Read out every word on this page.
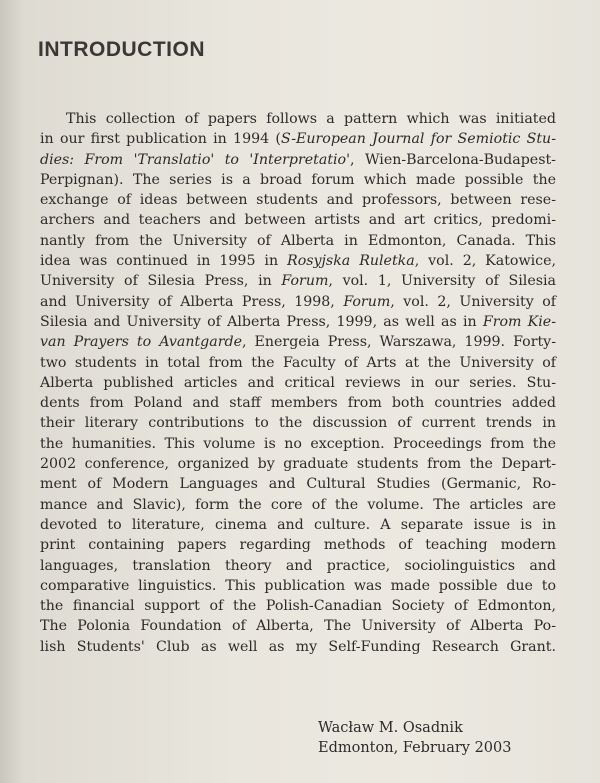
INTRODUCTION
This collection of papers follows a pattern which was initiated
in our first publication in 1994 (S-European Journal for Semiotic Stu-
dies: From 'Translatio' to 'Interpretatio', Wien-Barcelona-Budapest-
Perpignan). The series is a broad forum which made possible the
exchange of ideas between students and professors, between rese-
archers and teachers and between artists and art critics, predomi-
nantly from the University of Alberta in Edmonton, Canada. This
idea was continued in 1995 in Rosyjska Ruletka, vol. 2, Katowice,
University of Silesia Press, in Forum, vol. 1, University of Silesia
and University of Alberta Press, 1998, Forum, vol. 2, University of
Silesia and University of Alberta Press, 1999, as well as in From Kie-
van Prayers to Avantgarde, Energeia Press, Warszawa, 1999. Forty-
two students in total from the Faculty of Arts at the University of
Alberta published articles and critical reviews in our series. Stu-
dents from Poland and staff members from both countries added
their literary contributions to the discussion of current trends in
the humanities. This volume is no exception. Proceedings from the
2002 conference, organized by graduate students from the Depart-
ment of Modern Languages and Cultural Studies (Germanic, Ro-
mance and Slavic), form the core of the volume. The articles are
devoted to literature, cinema and culture. A separate issue is in
print containing papers regarding methods of teaching modern
languages, translation theory and practice, sociolinguistics and
comparative linguistics. This publication was made possible due to
the financial support of the Polish-Canadian Society of Edmonton,
The Polonia Foundation of Alberta, The University of Alberta Po-
lish Students' Club as well as my Self-Funding Research Grant.
Wacław M. Osadnik
Edmonton, February 2003
